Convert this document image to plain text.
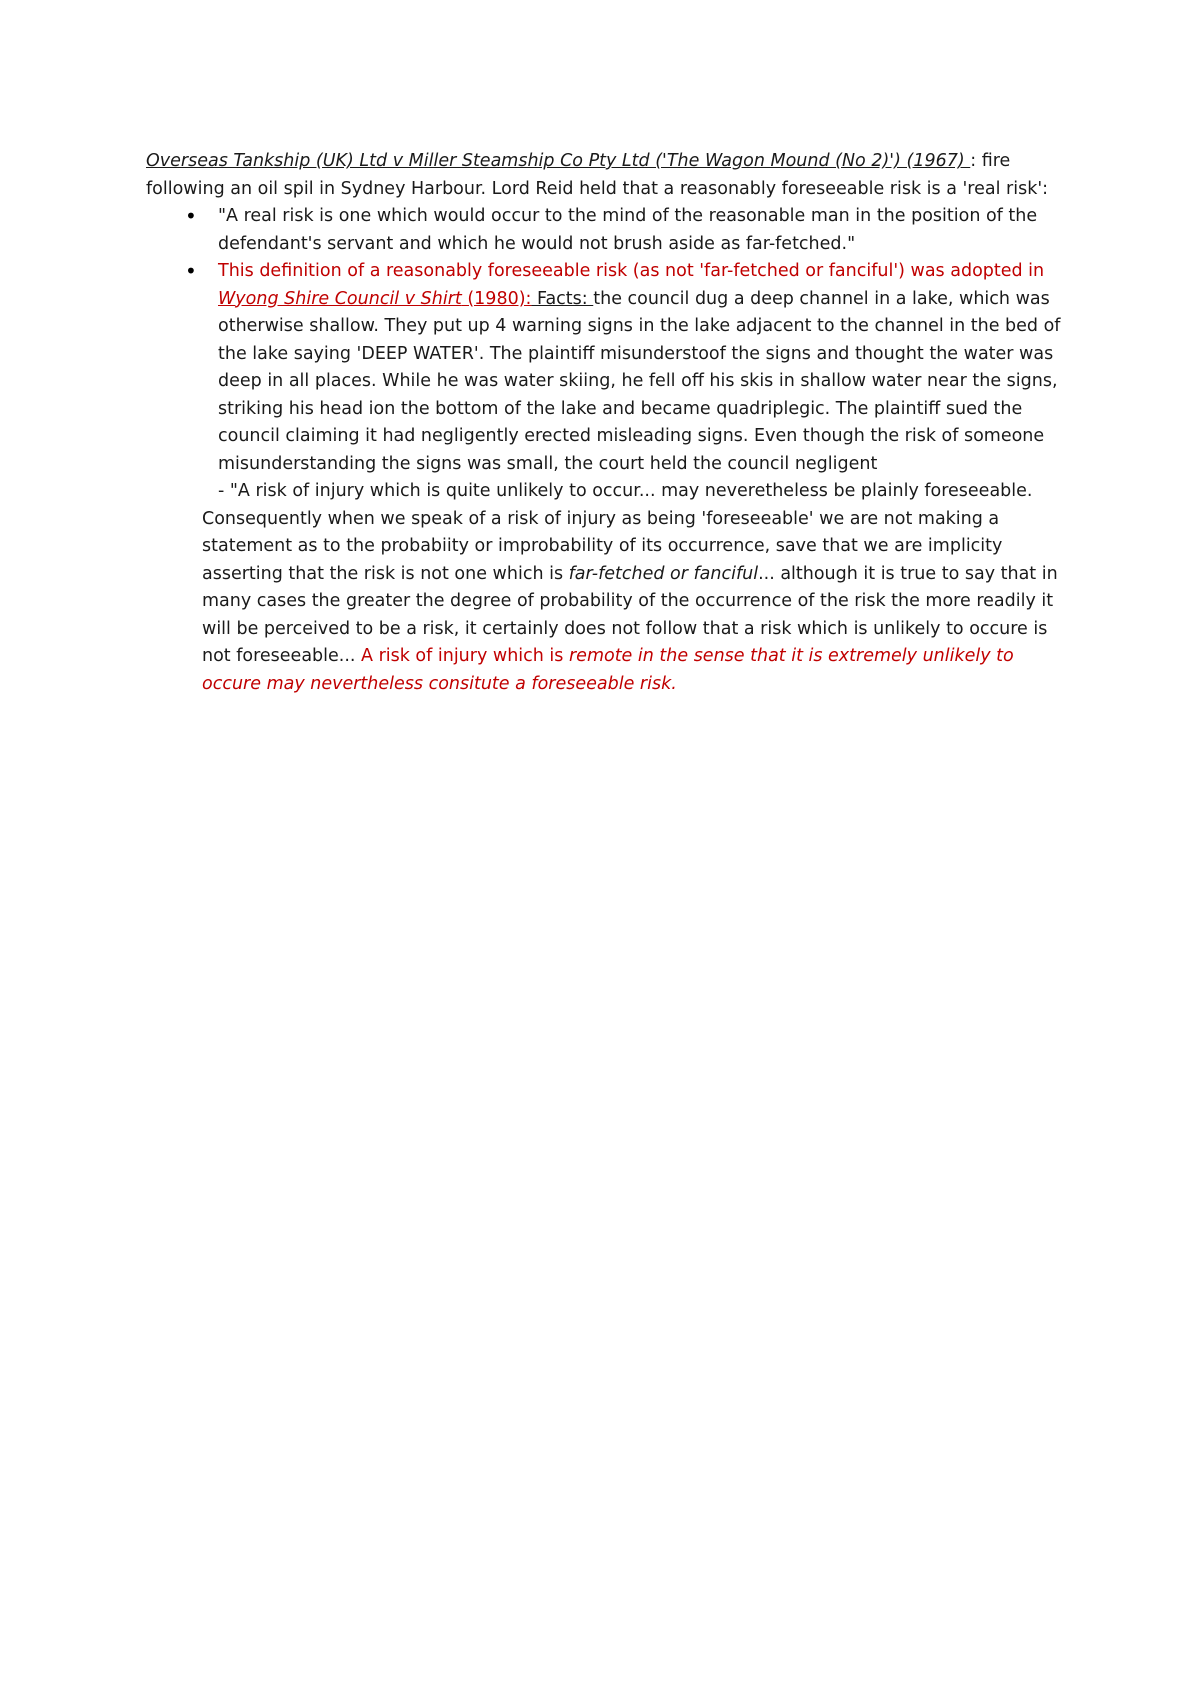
Overseas Tankship (UK) Ltd v Miller Steamship Co Pty Ltd ('The Wagon Mound (No 2)') (1967) : fire following an oil spil in Sydney Harbour. Lord Reid held that a reasonably foreseeable risk is a 'real risk':

• "A real risk is one which would occur to the mind of the reasonable man in the position of the defendant's servant and which he would not brush aside as far-fetched."
• This definition of a reasonably foreseeable risk (as not 'far-fetched or fanciful') was adopted in Wyong Shire Council v Shirt (1980): Facts: the council dug a deep channel in a lake, which was otherwise shallow. They put up 4 warning signs in the lake adjacent to the channel in the bed of the lake saying 'DEEP WATER'. The plaintiff misunderstoof the signs and thought the water was deep in all places. While he was water skiing, he fell off his skis in shallow water near the signs, striking his head ion the bottom of the lake and became quadriplegic. The plaintiff sued the council claiming it had negligently erected misleading signs. Even though the risk of someone misunderstanding the signs was small, the court held the council negligent

- "A risk of injury which is quite unlikely to occur... may neveretheless be plainly foreseeable. Consequently when we speak of a risk of injury as being 'foreseeable' we are not making a statement as to the probabiity or improbability of its occurrence, save that we are implicity asserting that the risk is not one which is far-fetched or fanciful... although it is true to say that in many cases the greater the degree of probability of the occurrence of the risk the more readily it will be perceived to be a risk, it certainly does not follow that a risk which is unlikely to occure is not foreseeable... A risk of injury which is remote in the sense that it is extremely unlikely to occure may nevertheless consitute a foreseeable risk.
